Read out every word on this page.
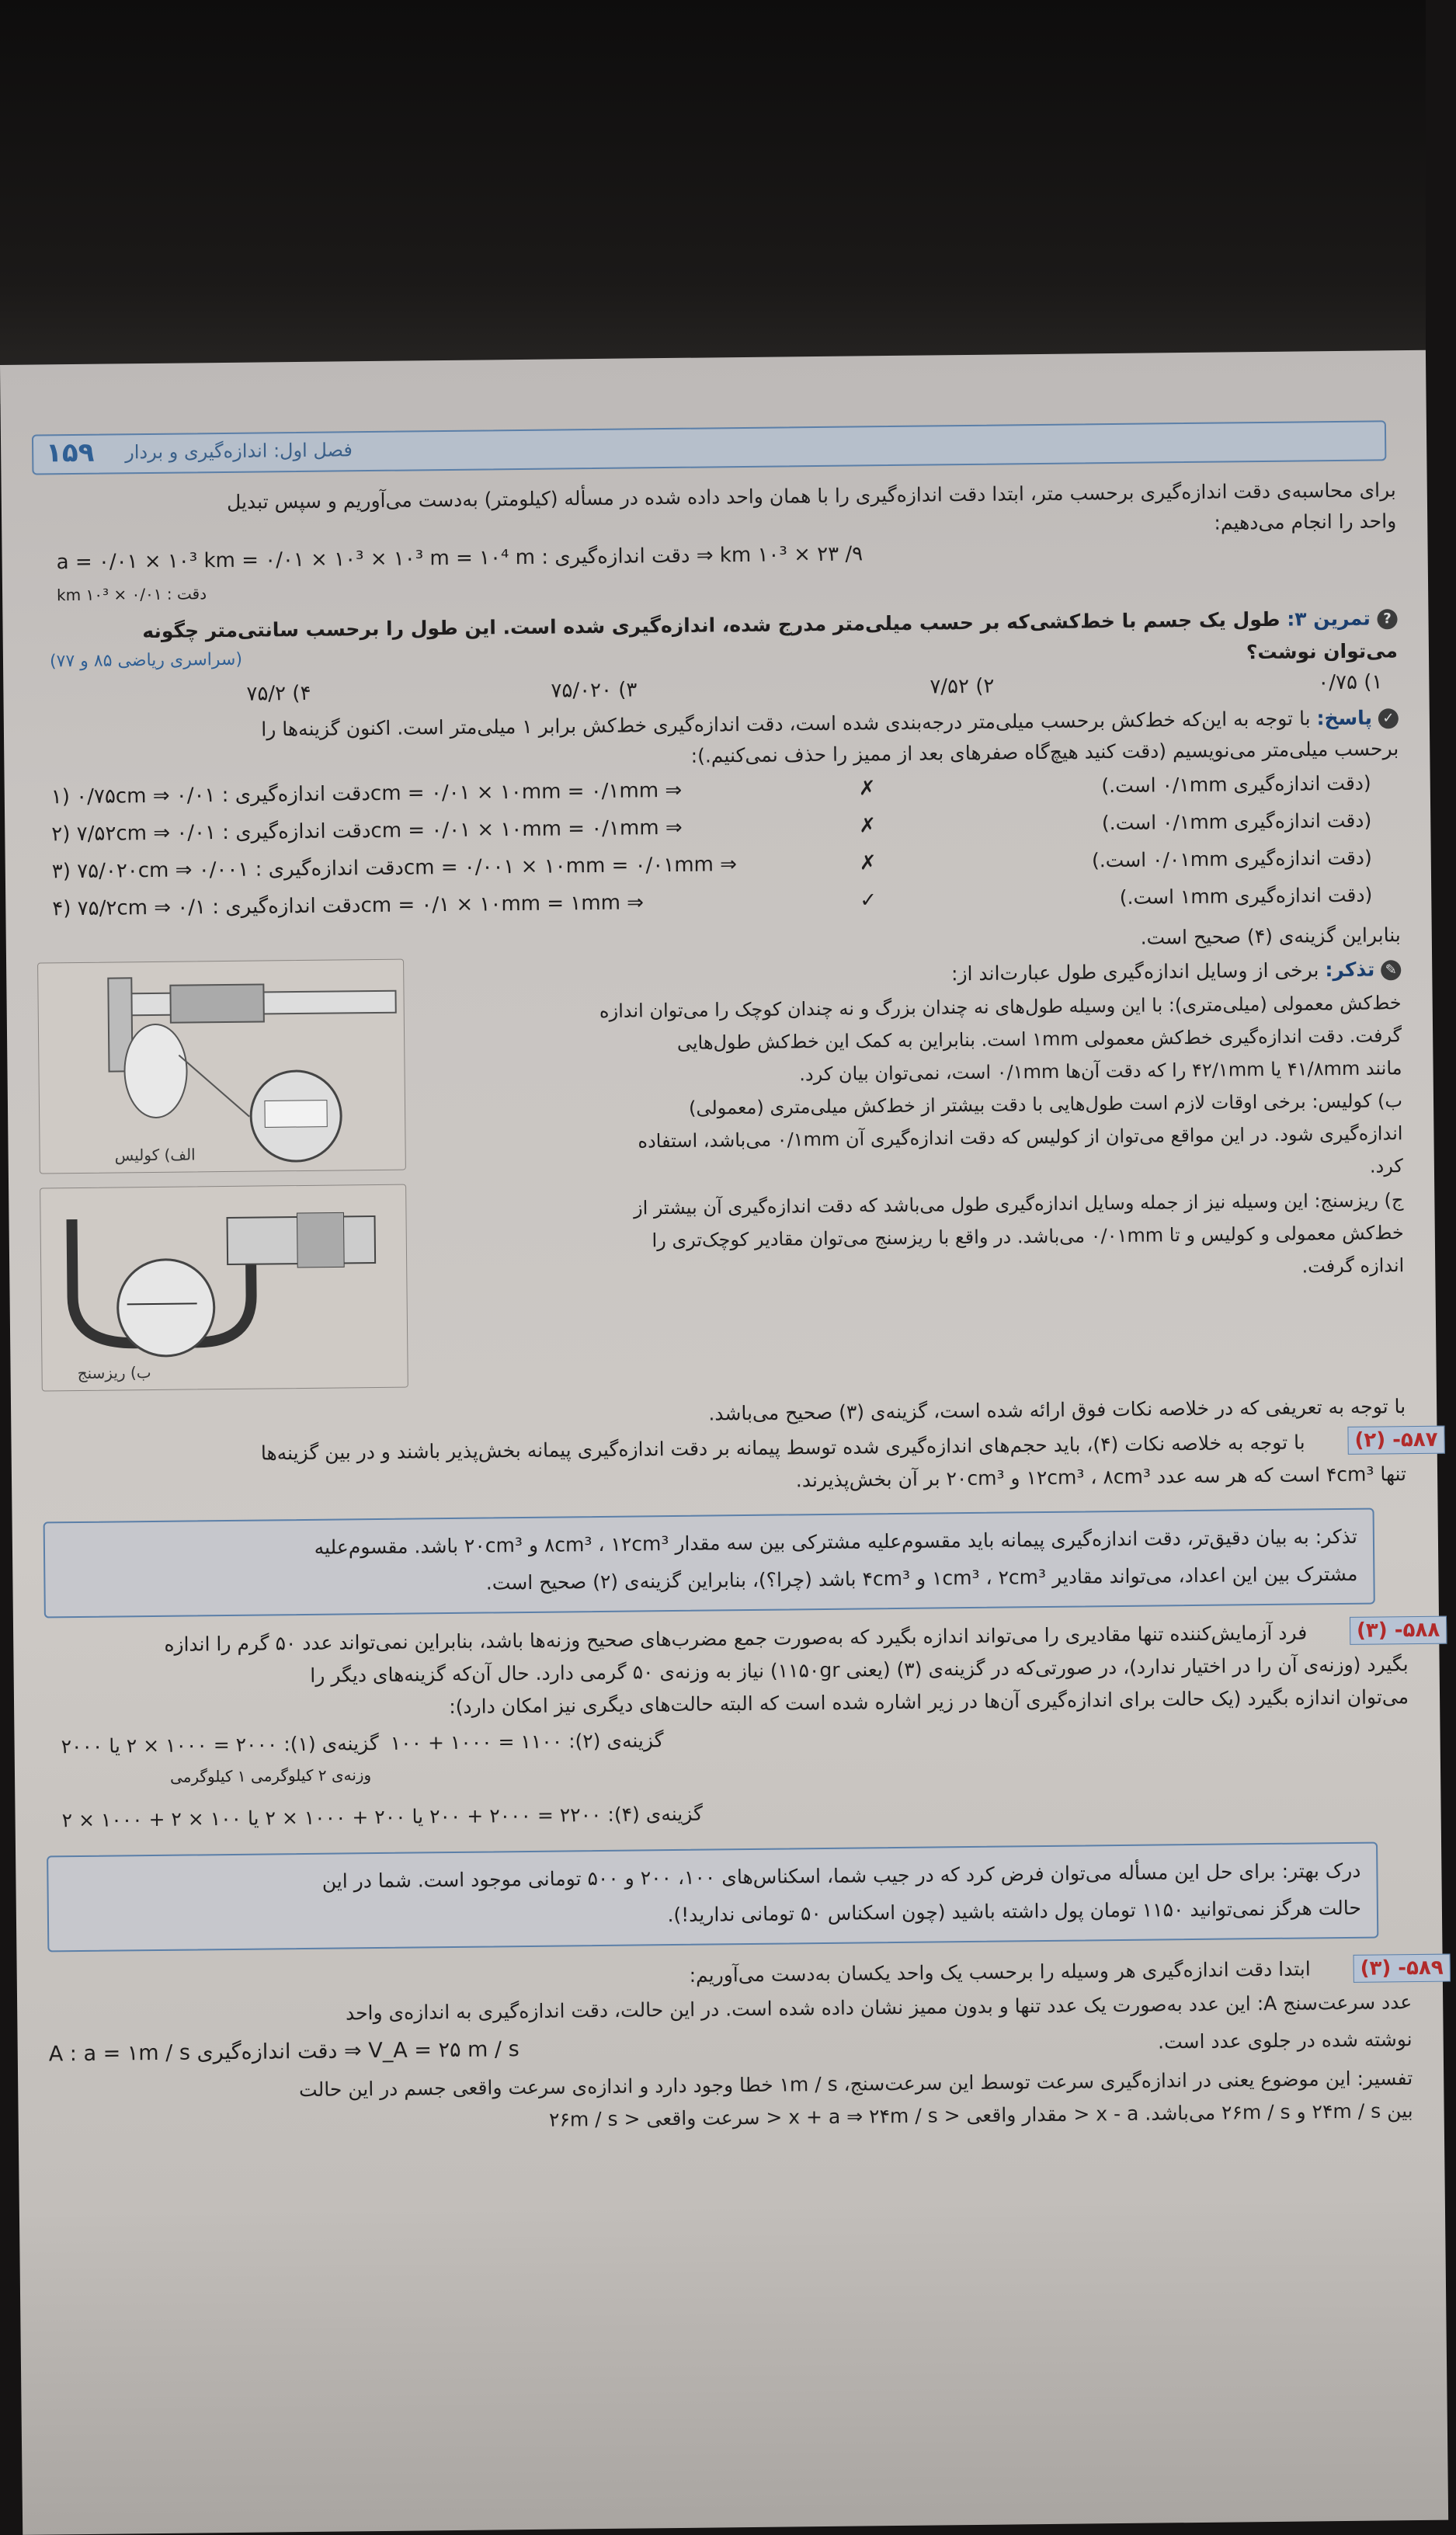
۱۵۹ فصل اول: اندازه‌گیری و بردار
برای محاسبه‌ی دقت اندازه‌گیری برحسب متر، ابتدا دقت اندازه‌گیری را با همان واحد داده شده در مسأله (کیلومتر) به‌دست می‌آوریم و سپس تبدیل
واحد را انجام می‌دهیم:
۹/ ۲۳ × ۱۰³ km ⇒ دقت اندازه‌گیری : a = ۰/۰۱ × ۱۰³ km = ۰/۰۱ × ۱۰³ × ۱۰³ m = ۱۰⁴ m
دقت : ۰/۰۱ × ۱۰³ km
? تمرین ۳: طول یک جسم با خط‌کشی‌که بر حسب میلی‌متر مدرج شده، اندازه‌گیری شده است. این طول را برحسب سانتی‌متر چگونه
می‌توان نوشت؟
(سراسری ریاضی ۸۵ و ۷۷)
۱) ۰/۷۵
۲) ۷/۵۲
۳) ۷۵/۰۲۰
۴) ۷۵/۲
✓ پاسخ: با توجه به این‌که خط‌کش برحسب میلی‌متر درجه‌بندی شده است، دقت اندازه‌گیری خط‌کش برابر ۱ میلی‌متر است. اکنون گزینه‌ها را
برحسب میلی‌متر می‌نویسیم (دقت کنید هیچ‌گاه صفرهای بعد از ممیز را حذف نمی‌کنیم.):
۱) ۰/۷۵cm ⇒ دقت اندازه‌گیری : ۰/۰۱cm = ۰/۰۱ × ۱۰mm = ۰/۱mm ⇒	✗	(دقت اندازه‌گیری ۰/۱mm است.)
۲) ۷/۵۲cm ⇒ دقت اندازه‌گیری : ۰/۰۱cm = ۰/۰۱ × ۱۰mm = ۰/۱mm ⇒	✗	(دقت اندازه‌گیری ۰/۱mm است.)
۳) ۷۵/۰۲۰cm ⇒ دقت اندازه‌گیری : ۰/۰۰۱cm = ۰/۰۰۱ × ۱۰mm = ۰/۰۱mm ⇒	✗	(دقت اندازه‌گیری ۰/۰۱mm است.)
۴) ۷۵/۲cm ⇒ دقت اندازه‌گیری : ۰/۱cm = ۰/۱ × ۱۰mm = ۱mm ⇒	✓	(دقت اندازه‌گیری ۱mm است.)
بنابراین گزینه‌ی (۴) صحیح است.
✎ تذکر: برخی از وسایل اندازه‌گیری طول عبارت‌اند از:
خط‌کش معمولی (میلی‌متری): با این وسیله طول‌های نه چندان بزرگ و نه چندان کوچک را می‌توان اندازه
گرفت. دقت اندازه‌گیری خط‌کش معمولی ۱mm است. بنابراین به کمک این خط‌کش طول‌هایی
مانند ۴۱/۸mm یا ۴۲/۱mm را که دقت آن‌ها ۰/۱mm است، نمی‌توان بیان کرد.
ب) کولیس: برخی اوقات لازم است طول‌هایی با دقت بیشتر از خط‌کش میلی‌متری (معمولی)
اندازه‌گیری شود. در این مواقع می‌توان از کولیس که دقت اندازه‌گیری آن ۰/۱mm می‌باشد، استفاده
کرد.
ج) ریزسنج: این وسیله نیز از جمله وسایل اندازه‌گیری طول می‌باشد که دقت اندازه‌گیری آن بیشتر از
خط‌کش معمولی و کولیس و تا ۰/۰۱mm می‌باشد. در واقع با ریزسنج می‌توان مقادیر کوچک‌تری را
اندازه گرفت.
الف) کولیس
ب) ریزسنج
با توجه به تعریفی که در خلاصه نکات فوق ارائه شده است، گزینه‌ی (۳) صحیح می‌باشد.
(۲) -۵۸۷
با توجه به خلاصه نکات (۴)، باید حجم‌های اندازه‌گیری شده توسط پیمانه بر دقت اندازه‌گیری پیمانه بخش‌پذیر باشند و در بین گزینه‌ها
تنها ۴cm³ است که هر سه عدد ۱۲cm³ ، ۸cm³ و ۲۰cm³ بر آن بخش‌پذیرند.
تذکر: به بیان دقیق‌تر، دقت اندازه‌گیری پیمانه باید مقسوم‌علیه مشترکی بین سه مقدار ۸cm³ ، ۱۲cm³ و ۲۰cm³ باشد. مقسوم‌علیه
مشترک بین این اعداد، می‌تواند مقادیر ۱cm³ ، ۲cm³ و ۴cm³ باشد (چرا؟)، بنابراین گزینه‌ی (۲) صحیح است.
(۳) -۵۸۸
فرد آزمایش‌کننده تنها مقادیری را می‌تواند اندازه بگیرد که به‌صورت جمع مضرب‌های صحیح وزنه‌ها باشد، بنابراین نمی‌تواند عدد ۵۰ گرم را اندازه
بگیرد (وزنه‌ی آن را در اختیار ندارد)، در صورتی‌که در گزینه‌ی (۳) (یعنی ۱۱۵۰gr) نیاز به وزنه‌ی ۵۰ گرمی دارد. حال آن‌که گزینه‌های دیگر را
می‌توان اندازه بگیرد (یک حالت برای اندازه‌گیری آن‌ها در زیر اشاره شده است که البته حالت‌های دیگری نیز امکان دارد):
گزینه‌ی (۲): ۱۱۰۰ = ۱۰۰۰ + ۱۰۰
گزینه‌ی (۱): ۲۰۰۰ = ۱۰۰۰ × ۲ یا ۲۰۰۰
وزنه‌ی ۲ کیلوگرمی ۱ کیلوگرمی
گزینه‌ی (۴): ۲۲۰۰ = ۲۰۰۰ + ۲۰۰ یا ۲۰۰ + ۱۰۰۰ × ۲ یا ۱۰۰ × ۲ + ۱۰۰۰ × ۲
درک بهتر: برای حل این مسأله می‌توان فرض کرد که در جیب شما، اسکناس‌های ۱۰۰، ۲۰۰ و ۵۰۰ تومانی موجود است. شما در این
حالت هرگز نمی‌توانید ۱۱۵۰ تومان پول داشته باشید (چون اسکناس ۵۰ تومانی ندارید!).
(۳) -۵۸۹
ابتدا دقت اندازه‌گیری هر وسیله را برحسب یک واحد یکسان به‌دست می‌آوریم:
عدد سرعت‌سنج A: این عدد به‌صورت یک عدد تنها و بدون ممیز نشان داده شده است. در این حالت، دقت اندازه‌گیری به اندازه‌ی واحد
V_A = ۲۵ m / s ⇒ دقت اندازه‌گیری A : a = ۱m / s	نوشته شده در جلوی عدد است.
تفسیر: این موضوع یعنی در اندازه‌گیری سرعت توسط این سرعت‌سنج، ۱m / s خطا وجود دارد و اندازه‌ی سرعت واقعی جسم در این حالت
بین ۲۴m / s و ۲۶m / s می‌باشد. x - a < مقدار واقعی < x + a ⇒ ۲۴m / s < سرعت واقعی < ۲۶m / s
